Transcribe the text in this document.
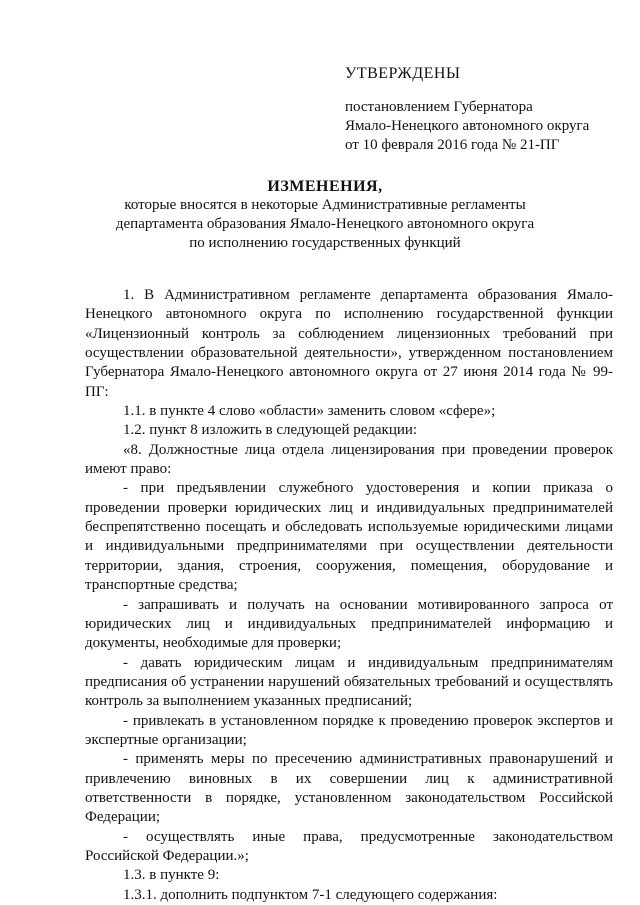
УТВЕРЖДЕНЫ
постановлением Губернатора
Ямало-Ненецкого автономного округа
от 10 февраля 2016 года № 21-ПГ
ИЗМЕНЕНИЯ,
которые вносятся в некоторые Административные регламенты
департамента образования Ямало-Ненецкого автономного округа
по исполнению государственных функций

1. В Административном регламенте департамента образования Ямало-Ненецкого автономного округа по исполнению государственной функции «Лицензионный контроль за соблюдением лицензионных требований при осуществлении образовательной деятельности», утвержденном постановлением Губернатора Ямало-Ненецкого автономного округа от 27 июня 2014 года № 99-ПГ:

1.1. в пункте 4 слово «области» заменить словом «сфере»;

1.2. пункт 8 изложить в следующей редакции:

«8. Должностные лица отдела лицензирования при проведении проверок имеют право:

- при предъявлении служебного удостоверения и копии приказа о проведении проверки юридических лиц и индивидуальных предпринимателей беспрепятственно посещать и обследовать используемые юридическими лицами и индивидуальными предпринимателями при осуществлении деятельности территории, здания, строения, сооружения, помещения, оборудование и транспортные средства;

- запрашивать и получать на основании мотивированного запроса от юридических лиц и индивидуальных предпринимателей информацию и документы, необходимые для проверки;

- давать юридическим лицам и индивидуальным предпринимателям предписания об устранении нарушений обязательных требований и осуществлять контроль за выполнением указанных предписаний;

- привлекать в установленном порядке к проведению проверок экспертов и экспертные организации;

- применять меры по пресечению административных правонарушений и привлечению виновных в их совершении лиц к административной ответственности в порядке, установленном законодательством Российской Федерации;

- осуществлять иные права, предусмотренные законодательством

Российской Федерации.»;

1.3. в пункте 9:

1.3.1. дополнить подпунктом 7-1 следующего содержания:
